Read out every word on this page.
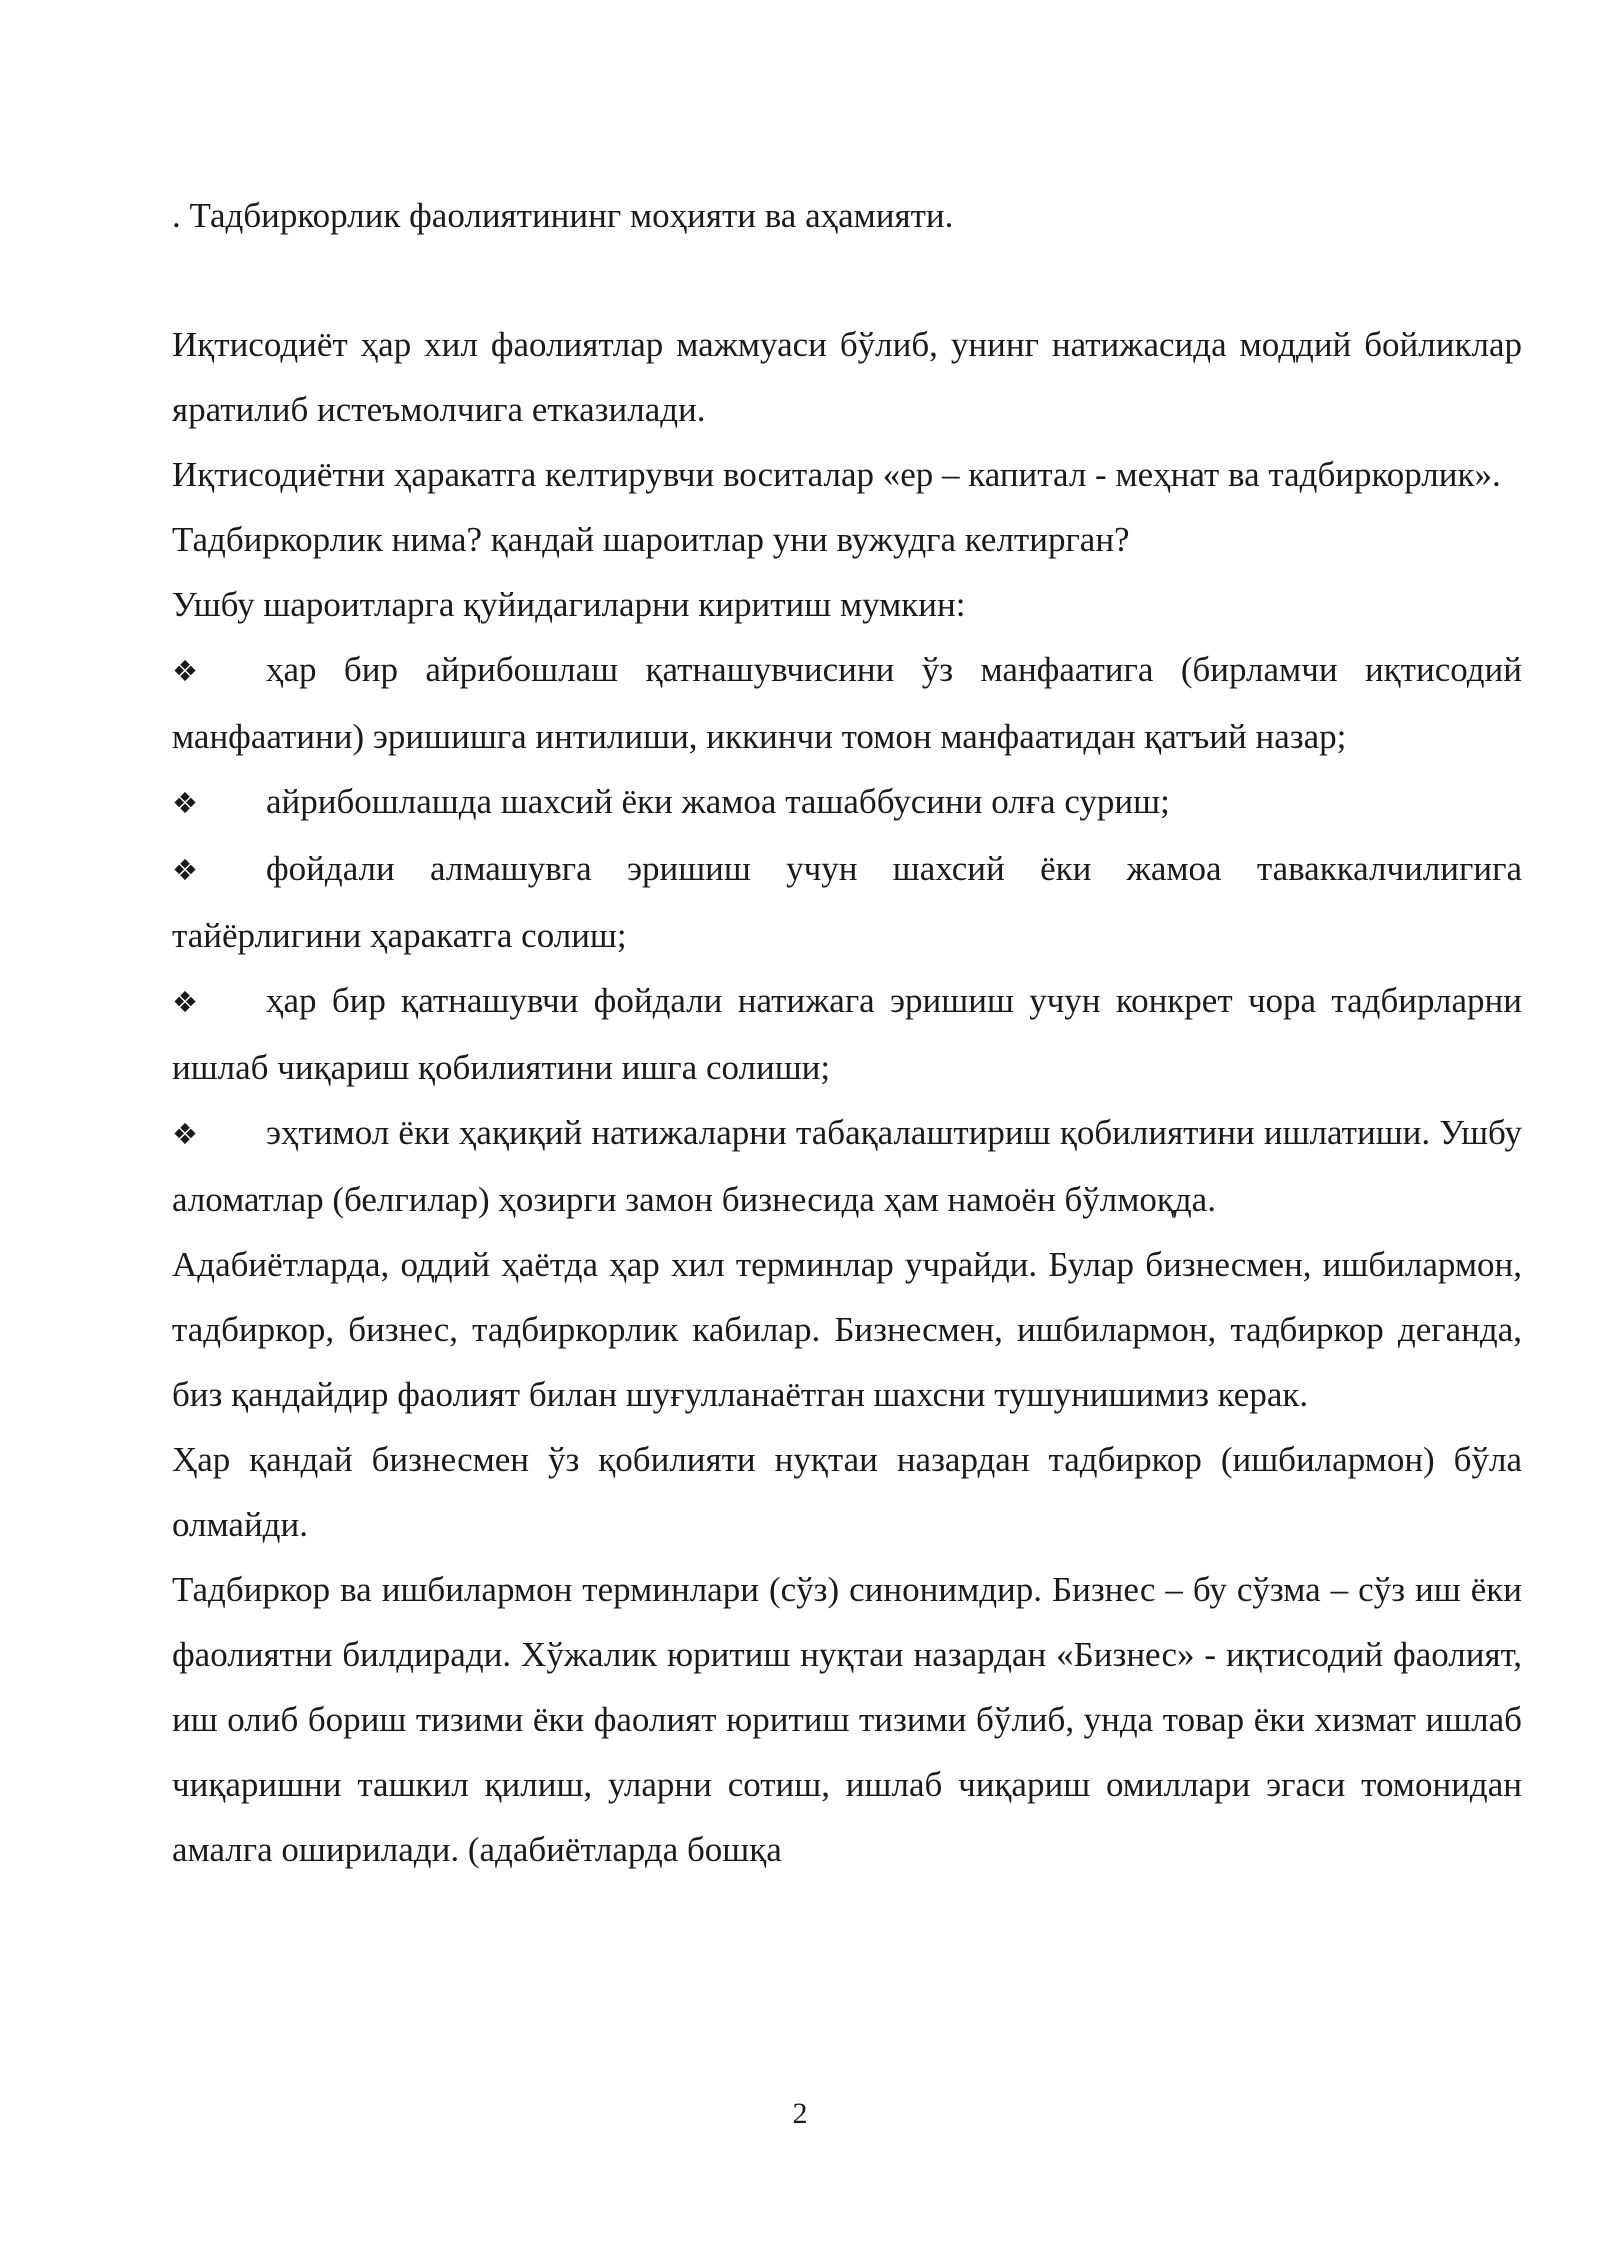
. Тадбиркорлик фаолиятининг моҳияти ва аҳамияти.

Иқтисодиёт ҳар хил фаолиятлар мажмуаси бўлиб, унинг натижасида моддий бойликлар яратилиб истеъмолчига етказилади.

Иқтисодиётни ҳаракатга келтирувчи воситалар «ер – капитал - меҳнат ва тадбиркорлик».

Тадбиркорлик нима? қандай шароитлар уни вужудга келтирган?

Ушбу шароитларга қуйидагиларни киритиш мумкин:

❖ ҳар бир айрибошлаш қатнашувчисини ўз манфаатига (бирламчи иқтисодий манфаатини) эришишга интилиши, иккинчи томон манфаатидан қатъий назар;

❖ айрибошлашда шахсий ёки жамоа ташаббусини олға суриш;

❖ фойдали алмашувга эришиш учун шахсий ёки жамоа таваккалчилигига тайёрлигини ҳаракатга солиш;

❖ ҳар бир қатнашувчи фойдали натижага эришиш учун конкрет чора тадбирларни ишлаб чиқариш қобилиятини ишга солиши;

❖ эҳтимол ёки ҳақиқий натижаларни табақалаштириш қобилиятини ишлатиши. Ушбу аломатлар (белгилар) ҳозирги замон бизнесида ҳам намоён бўлмоқда.

Адабиётларда, оддий ҳаётда ҳар хил терминлар учрайди. Булар бизнесмен, ишбилармон, тадбиркор, бизнес, тадбиркорлик кабилар. Бизнесмен, ишбилармон, тадбиркор деганда, биз қандайдир фаолият билан шуғулланаётган шахсни тушунишимиз керак.

Ҳар қандай бизнесмен ўз қобилияти нуқтаи назардан тадбиркор (ишбилармон) бўла олмайди.

Тадбиркор ва ишбилармон терминлари (сўз) синонимдир. Бизнес – бу сўзма – сўз иш ёки фаолиятни билдиради. Хўжалик юритиш нуқтаи назардан «Бизнес» - иқтисодий фаолият, иш олиб бориш тизими ёки фаолият юритиш тизими бўлиб, унда товар ёки хизмат ишлаб чиқаришни ташкил қилиш, уларни сотиш, ишлаб чиқариш омиллари эгаси томонидан амалга оширилади. (адабиётларда бошқа

2
